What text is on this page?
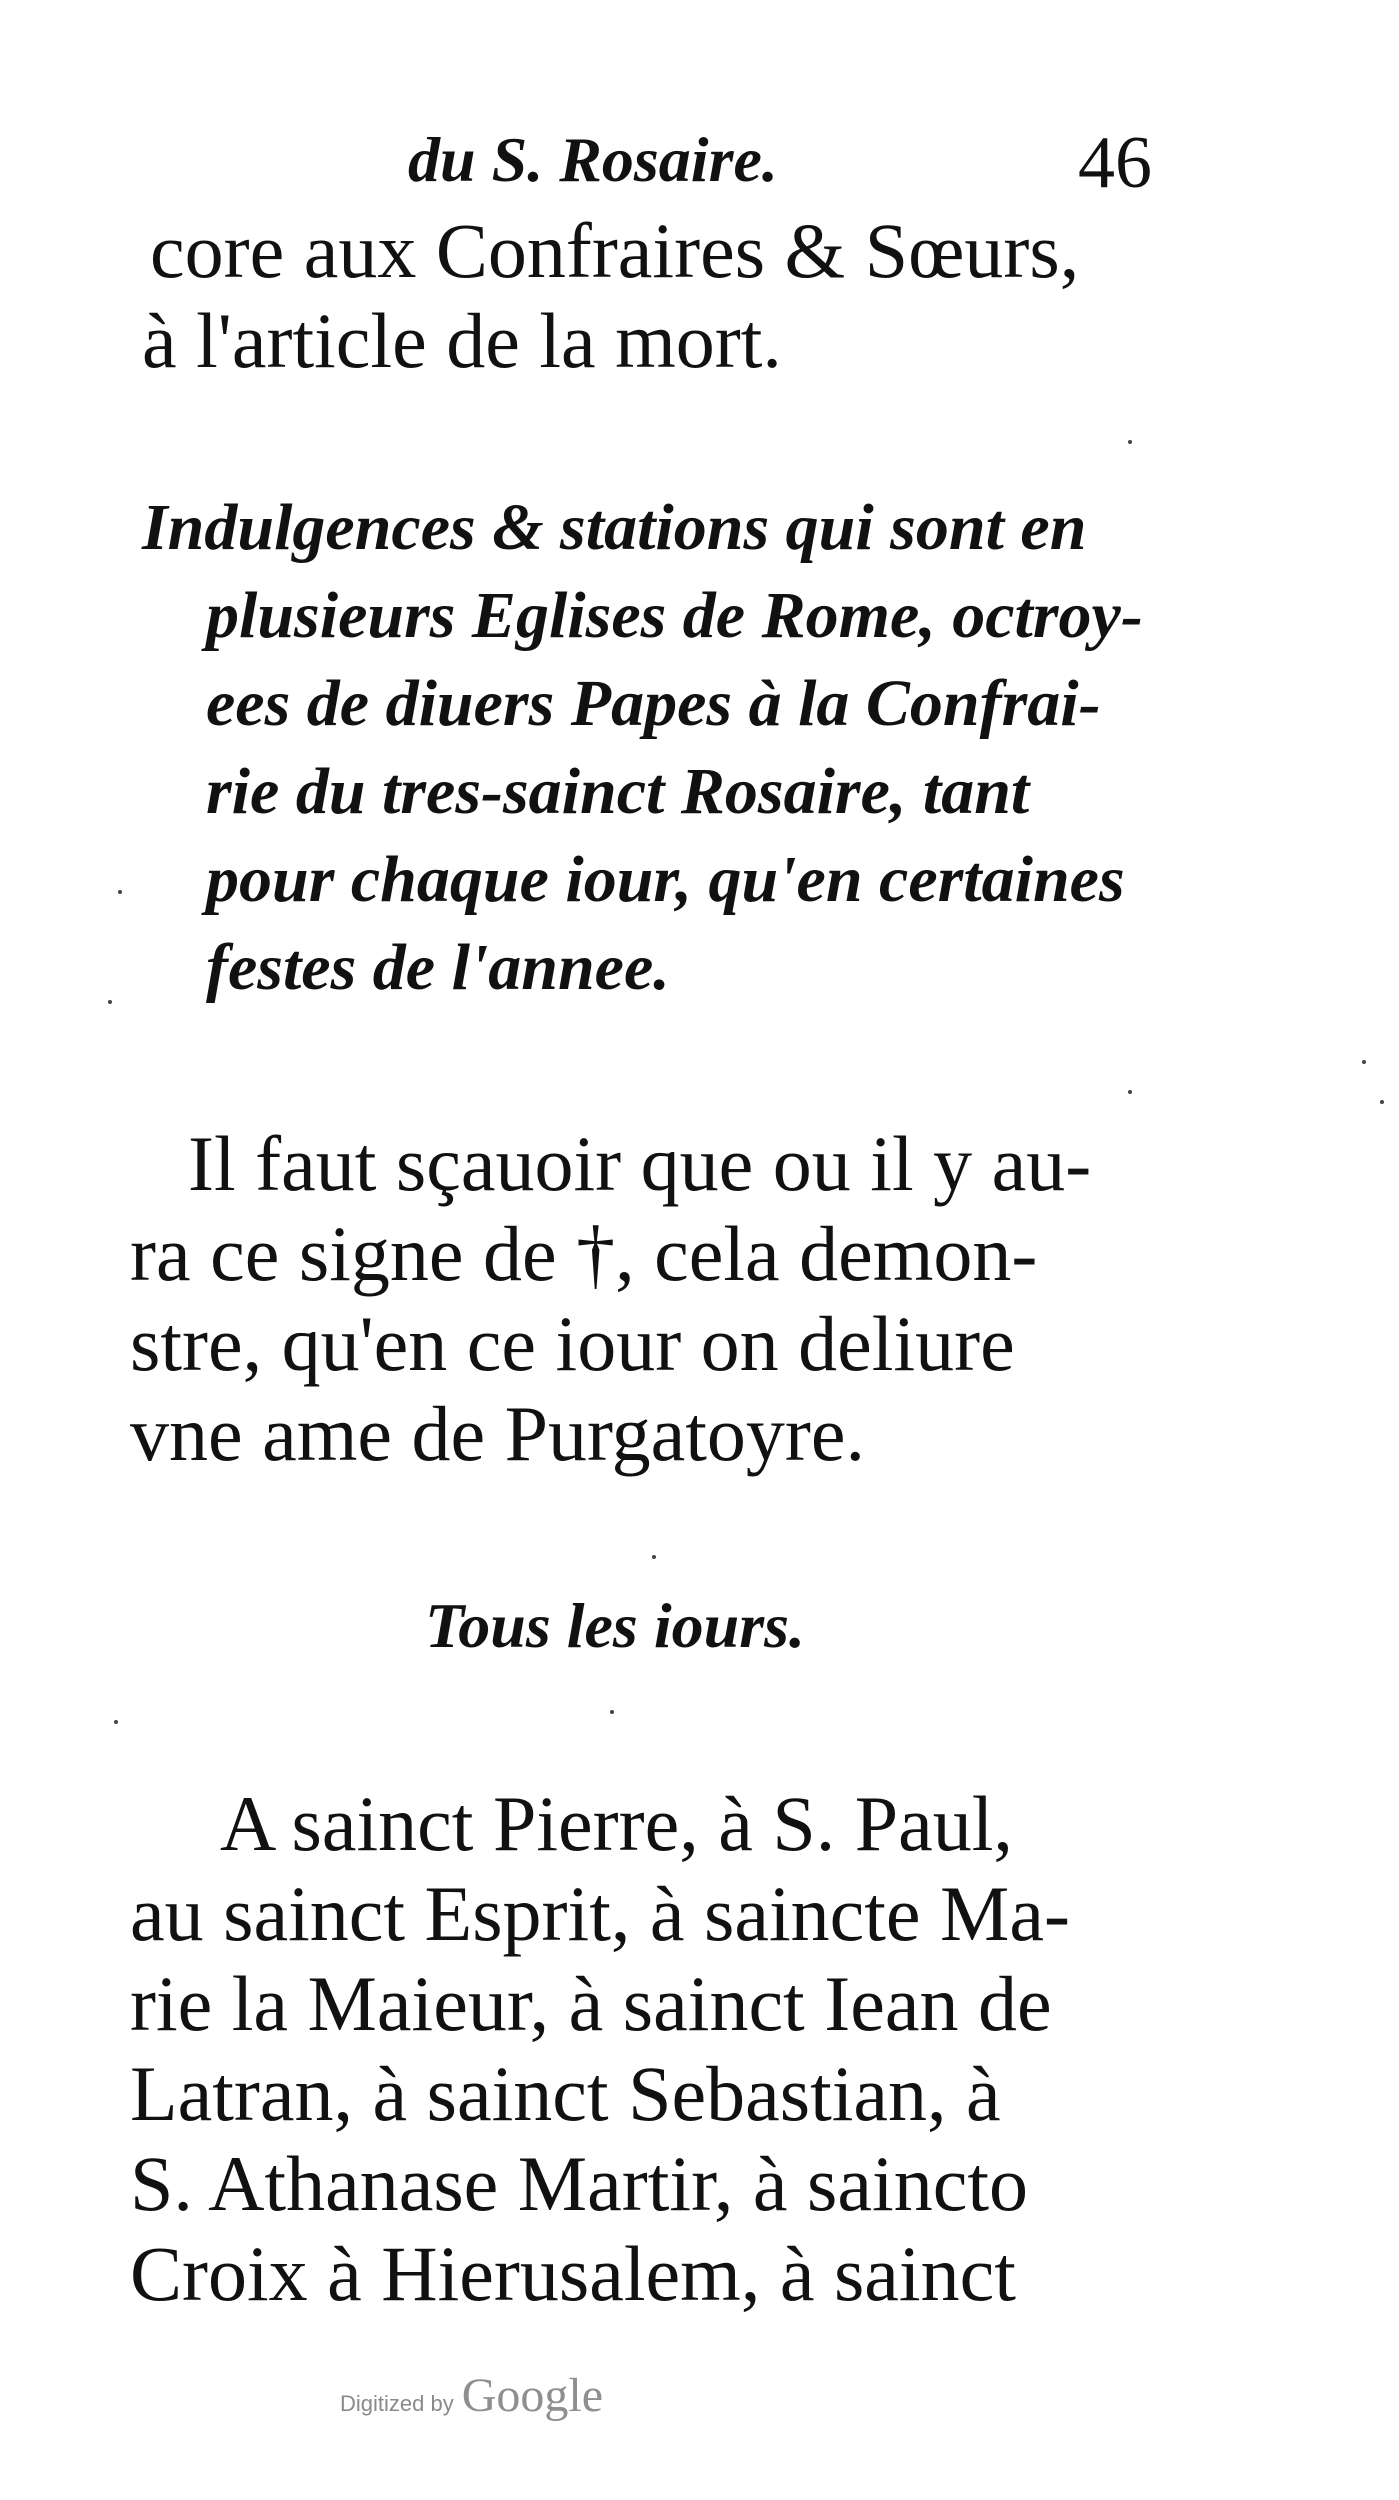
du S. Rosaire.	46
core aux Confraires & Sœurs,
à l'article de la mort.
Indulgences & stations qui sont en
plusieurs Eglises de Rome, octroy-
ees de diuers Papes à la Confrai-
rie du tres-sainct Rosaire, tant
pour chaque iour, qu'en certaines
festes de l'annee.
Il faut sçauoir que ou il y au-
ra ce signe de †, cela demon-
stre, qu'en ce iour on deliure
vne ame de Purgatoyre.
Tous les iours.
A sainct Pierre, à S. Paul,
au sainct Esprit, à saincte Ma-
rie la Maieur, à sainct Iean de
Latran, à sainct Sebastian, à
S. Athanase Martir, à saincto
Croix à Hierusalem, à sainct
Digitized by Google
